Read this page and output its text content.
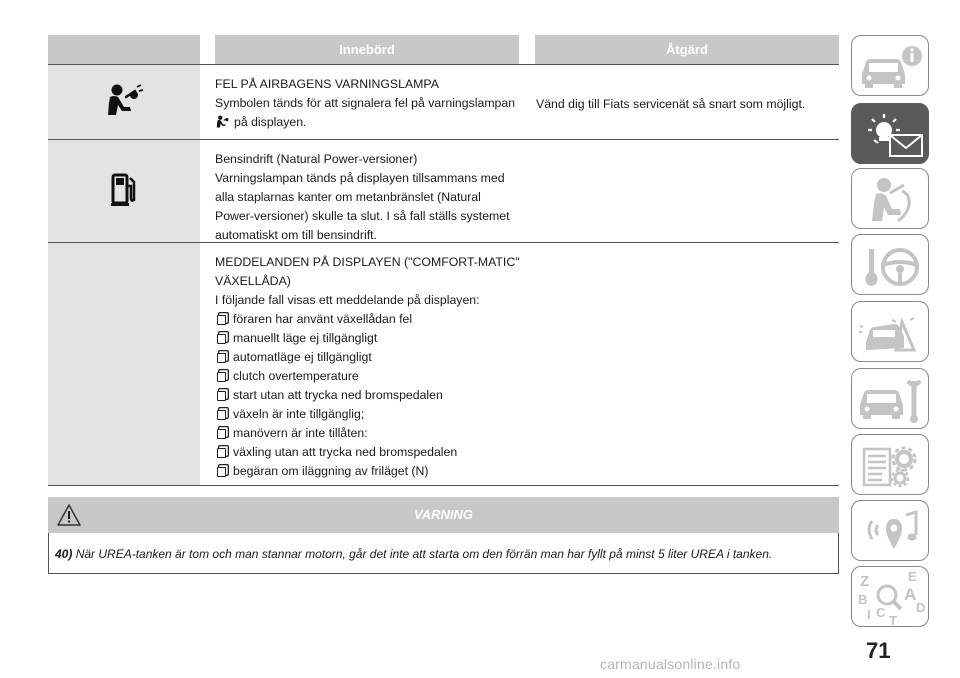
Innebörd	Åtgärd
FEL PÅ AIRBAGENS VARNINGSLAMPA
Symbolen tänds för att signalera fel på varningslampan
på displayen.
Vänd dig till Fiats servicenät så snart som möjligt.
Bensindrift (Natural Power-versioner)
Varningslampan tänds på displayen tillsammans med
alla staplarnas kanter om metanbränslet (Natural
Power-versioner) skulle ta slut. I så fall ställs systemet
automatiskt om till bensindrift.
MEDDELANDEN PÅ DISPLAYEN ("COMFORT-MATIC"
VÄXELLÅDA)
I följande fall visas ett meddelande på displayen:
föraren har använt växellådan fel
manuellt läge ej tillgängligt
automatläge ej tillgängligt
clutch overtemperature
start utan att trycka ned bromspedalen
växeln är inte tillgänglig;
manövern är inte tillåten:
växling utan att trycka ned bromspedalen
begäran om iläggning av friläget (N)
VARNING
40) När UREA-tanken är tom och man stannar motorn, går det inte att starta om den förrän man har fyllt på minst 5 liter UREA i tanken.
Z	E
B A
C D
T
I
71
carmanualsonline.info
